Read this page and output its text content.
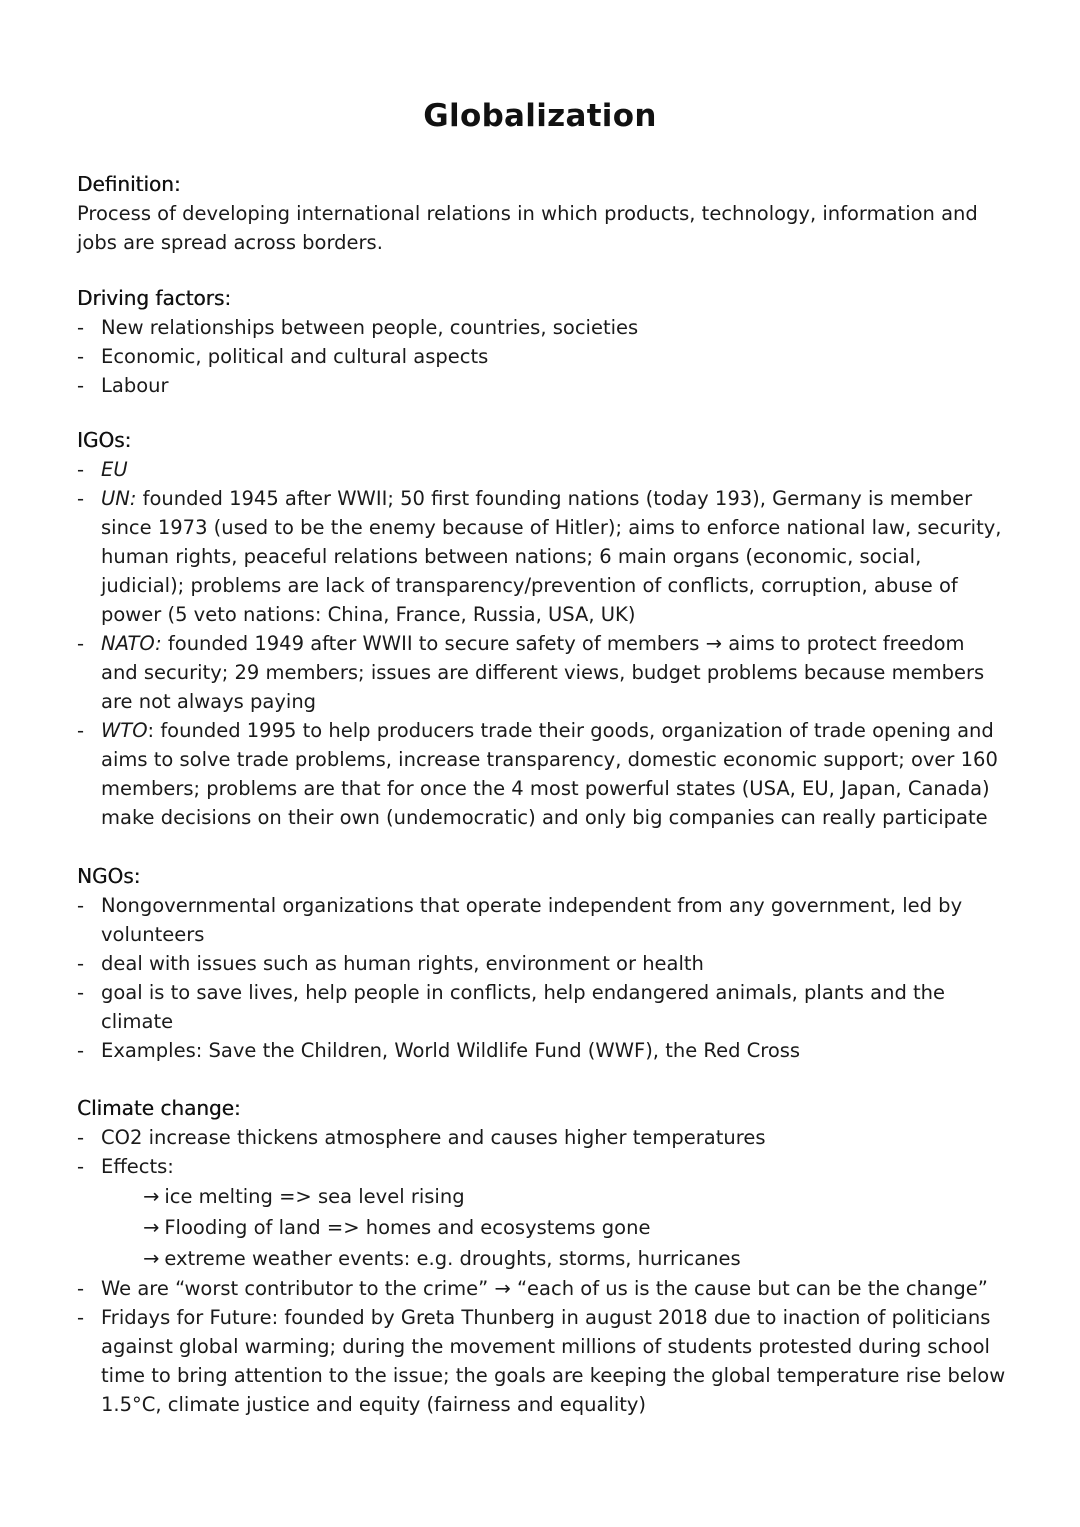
Globalization
Definition:
Process of developing international relations in which products, technology, information and jobs are spread across borders.
Driving factors:
- New relationships between people, countries, societies
- Economic, political and cultural aspects
- Labour
IGOs:
- EU
- UN: founded 1945 after WWII; 50 first founding nations (today 193), Germany is member since 1973 (used to be the enemy because of Hitler); aims to enforce national law, security, human rights, peaceful relations between nations; 6 main organs (economic, social, judicial); problems are lack of transparency/prevention of conflicts, corruption, abuse of power (5 veto nations: China, France, Russia, USA, UK)
- NATO: founded 1949 after WWII to secure safety of members → aims to protect freedom and security; 29 members; issues are different views, budget problems because members are not always paying
- WTO: founded 1995 to help producers trade their goods, organization of trade opening and aims to solve trade problems, increase transparency, domestic economic support; over 160 members; problems are that for once the 4 most powerful states (USA, EU, Japan, Canada) make decisions on their own (undemocratic) and only big companies can really participate
NGOs:
- Nongovernmental organizations that operate independent from any government, led by volunteers
- deal with issues such as human rights, environment or health
- goal is to save lives, help people in conflicts, help endangered animals, plants and the climate
- Examples: Save the Children, World Wildlife Fund (WWF), the Red Cross
Climate change:
- CO2 increase thickens atmosphere and causes higher temperatures
- Effects:
→ ice melting => sea level rising
→ Flooding of land => homes and ecosystems gone
→ extreme weather events: e.g. droughts, storms, hurricanes
- We are “worst contributor to the crime” → “each of us is the cause but can be the change”
- Fridays for Future: founded by Greta Thunberg in august 2018 due to inaction of politicians against global warming; during the movement millions of students protested during school time to bring attention to the issue; the goals are keeping the global temperature rise below 1.5°C, climate justice and equity (fairness and equality)
